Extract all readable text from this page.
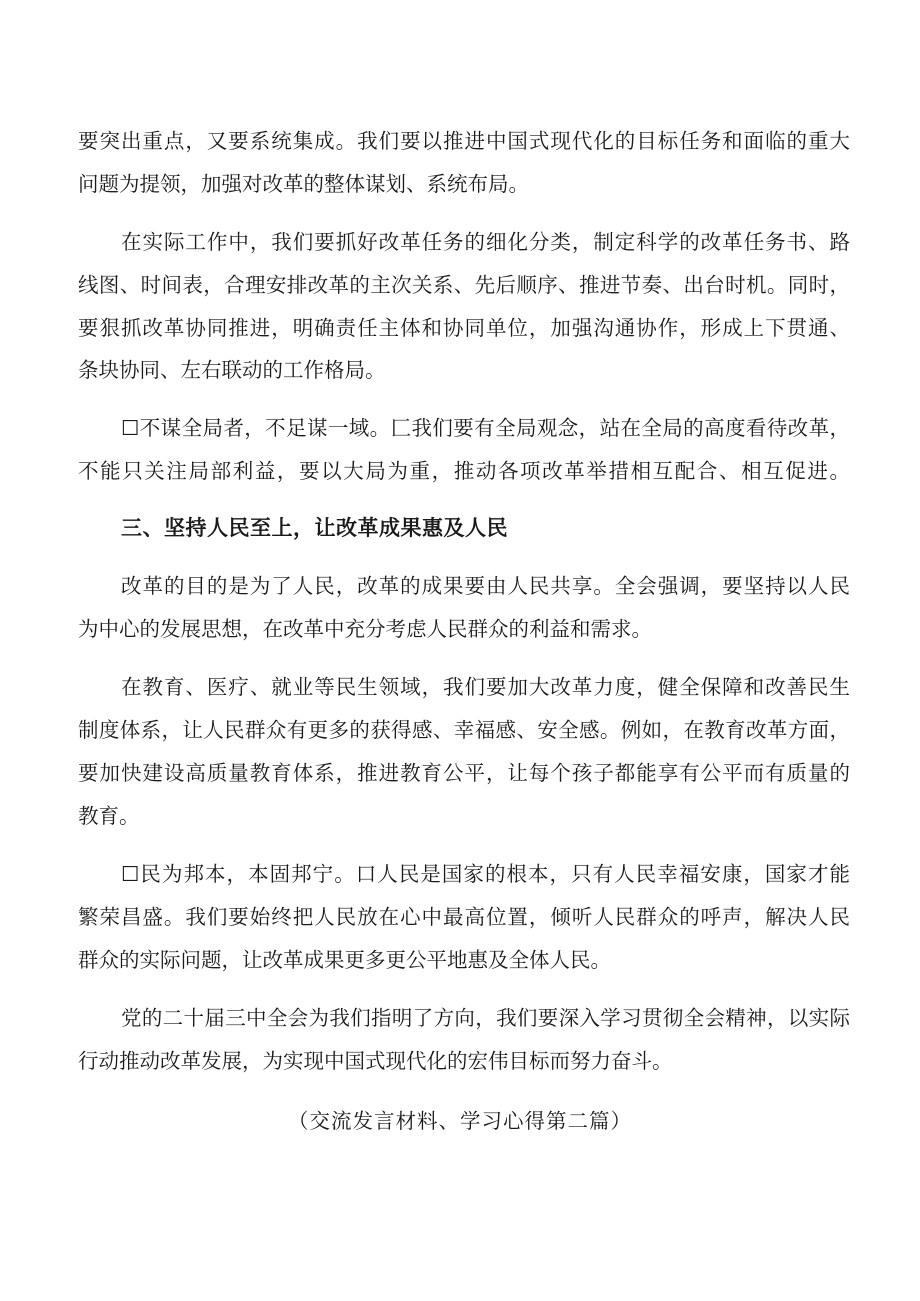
要突出重点，又要系统集成。我们要以推进中国式现代化的目标任务和面临的重大
问题为提领，加强对改革的整体谋划、系统布局。
在实际工作中，我们要抓好改革任务的细化分类，制定科学的改革任务书、路
线图、时间表，合理安排改革的主次关系、先后顺序、推进节奏、出台时机。同时，
要狠抓改革协同推进，明确责任主体和协同单位，加强沟通协作，形成上下贯通、
条块协同、左右联动的工作格局。
☐不谋全局者，不足谋一域。匚我们要有全局观念，站在全局的高度看待改革，
不能只关注局部利益，要以大局为重，推动各项改革举措相互配合、相互促进。
三、坚持人民至上，让改革成果惠及人民
改革的目的是为了人民，改革的成果要由人民共享。全会强调，要坚持以人民
为中心的发展思想，在改革中充分考虑人民群众的利益和需求。
在教育、医疗、就业等民生领域，我们要加大改革力度，健全保障和改善民生
制度体系，让人民群众有更多的获得感、幸福感、安全感。例如，在教育改革方面，
要加快建设高质量教育体系，推进教育公平，让每个孩子都能享有公平而有质量的
教育。
☐民为邦本，本固邦宁。口人民是国家的根本，只有人民幸福安康，国家才能
繁荣昌盛。我们要始终把人民放在心中最高位置，倾听人民群众的呼声，解决人民
群众的实际问题，让改革成果更多更公平地惠及全体人民。
党的二十届三中全会为我们指明了方向，我们要深入学习贯彻全会精神，以实际
行动推动改革发展，为实现中国式现代化的宏伟目标而努力奋斗。
（交流发言材料、学习心得第二篇）
